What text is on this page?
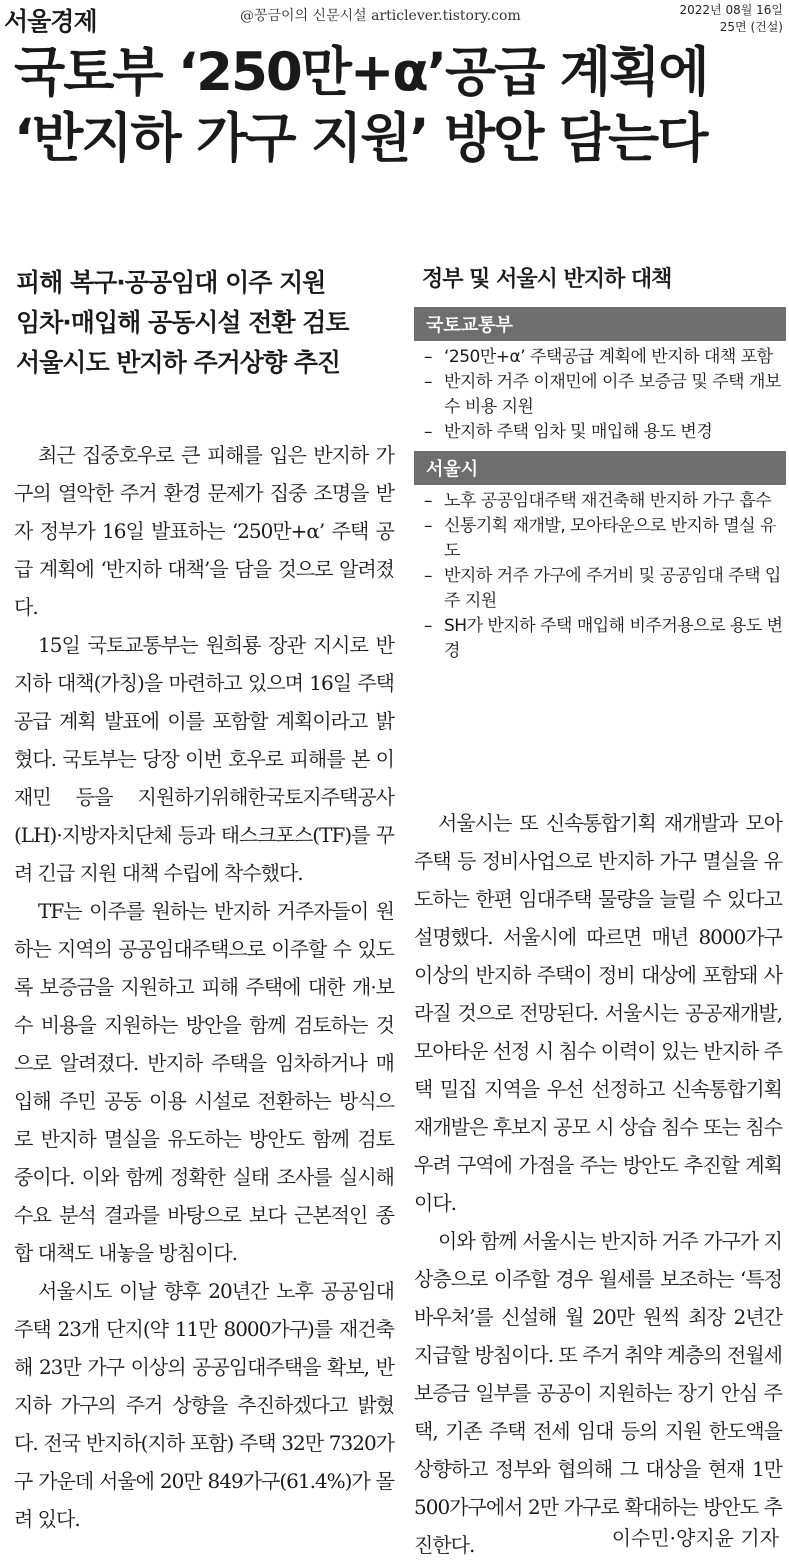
서울경제	@꽁금이의 신문시설 articlever.tistory.com	2022년 08월 16일
25면 (건설)
국토부 ‘250만+α’공급 계획에
‘반지하 가구 지원’ 방안 담는다
피해 복구·공공임대 이주 지원
임차·매입해 공동시설 전환 검토
서울시도 반지하 주거상향 추진

최근 집중호우로 큰 피해를 입은 반지하 가구의 열악한 주거 환경 문제가 집중 조명을 받자 정부가 16일 발표하는 ‘250만+α’ 주택 공급 계획에 ‘반지하 대책’을 담을 것으로 알려졌다.

15일 국토교통부는 원희룡 장관 지시로 반지하 대책(가칭)을 마련하고 있으며 16일 주택 공급 계획 발표에 이를 포함할 계획이라고 밝혔다. 국토부는 당장 이번 호우로 피해를 본 이재민 등을 지원하기위해한국토지주택공사(LH)·지방자치단체 등과 태스크포스(TF)를 꾸려 긴급 지원 대책 수립에 착수했다.

TF는 이주를 원하는 반지하 거주자들이 원하는 지역의 공공임대주택으로 이주할 수 있도록 보증금을 지원하고 피해 주택에 대한 개·보수 비용을 지원하는 방안을 함께 검토하는 것으로 알려졌다. 반지하 주택을 임차하거나 매입해 주민 공동 이용 시설로 전환하는 방식으로 반지하 멸실을 유도하는 방안도 함께 검토 중이다. 이와 함께 정확한 실태 조사를 실시해 수요 분석 결과를 바탕으로 보다 근본적인 종합 대책도 내놓을 방침이다.

서울시도 이날 향후 20년간 노후 공공임대주택 23개 단지(약 11만 8000가구)를 재건축해 23만 가구 이상의 공공임대주택을 확보, 반지하 가구의 주거 상향을 추진하겠다고 밝혔다. 전국 반지하(지하 포함) 주택 32만 7320가구 가운데 서울에 20만 849가구(61.4%)가 몰려 있다.

정부 및 서울시 반지하 대책
국토교통부
– ‘250만+α’ 주택공급 계획에 반지하 대책 포함
– 반지하 거주 이재민에 이주 보증금 및 주택 개보수 비용 지원
– 반지하 주택 임차 및 매입해 용도 변경
서울시
– 노후 공공임대주택 재건축해 반지하 가구 흡수
– 신통기획 재개발, 모아타운으로 반지하 멸실 유도
– 반지하 거주 가구에 주거비 및 공공임대 주택 입주 지원
– SH가 반지하 주택 매입해 비주거용으로 용도 변경

서울시는 또 신속통합기획 재개발과 모아주택 등 정비사업으로 반지하 가구 멸실을 유도하는 한편 임대주택 물량을 늘릴 수 있다고 설명했다. 서울시에 따르면 매년 8000가구 이상의 반지하 주택이 정비 대상에 포함돼 사라질 것으로 전망된다. 서울시는 공공재개발, 모아타운 선정 시 침수 이력이 있는 반지하 주택 밀집 지역을 우선 선정하고 신속통합기획 재개발은 후보지 공모 시 상습 침수 또는 침수 우려 구역에 가점을 주는 방안도 추진할 계획이다.

이와 함께 서울시는 반지하 거주 가구가 지상층으로 이주할 경우 월세를 보조하는 ‘특정 바우처’를 신설해 월 20만 원씩 최장 2년간 지급할 방침이다. 또 주거 취약 계층의 전월세 보증금 일부를 공공이 지원하는 장기 안심 주택, 기존 주택 전세 임대 등의 지원 한도액을 상향하고 정부와 협의해 그 대상을 현재 1만 500가구에서 2만 가구로 확대하는 방안도 추진한다.	이수민·양지윤 기자
